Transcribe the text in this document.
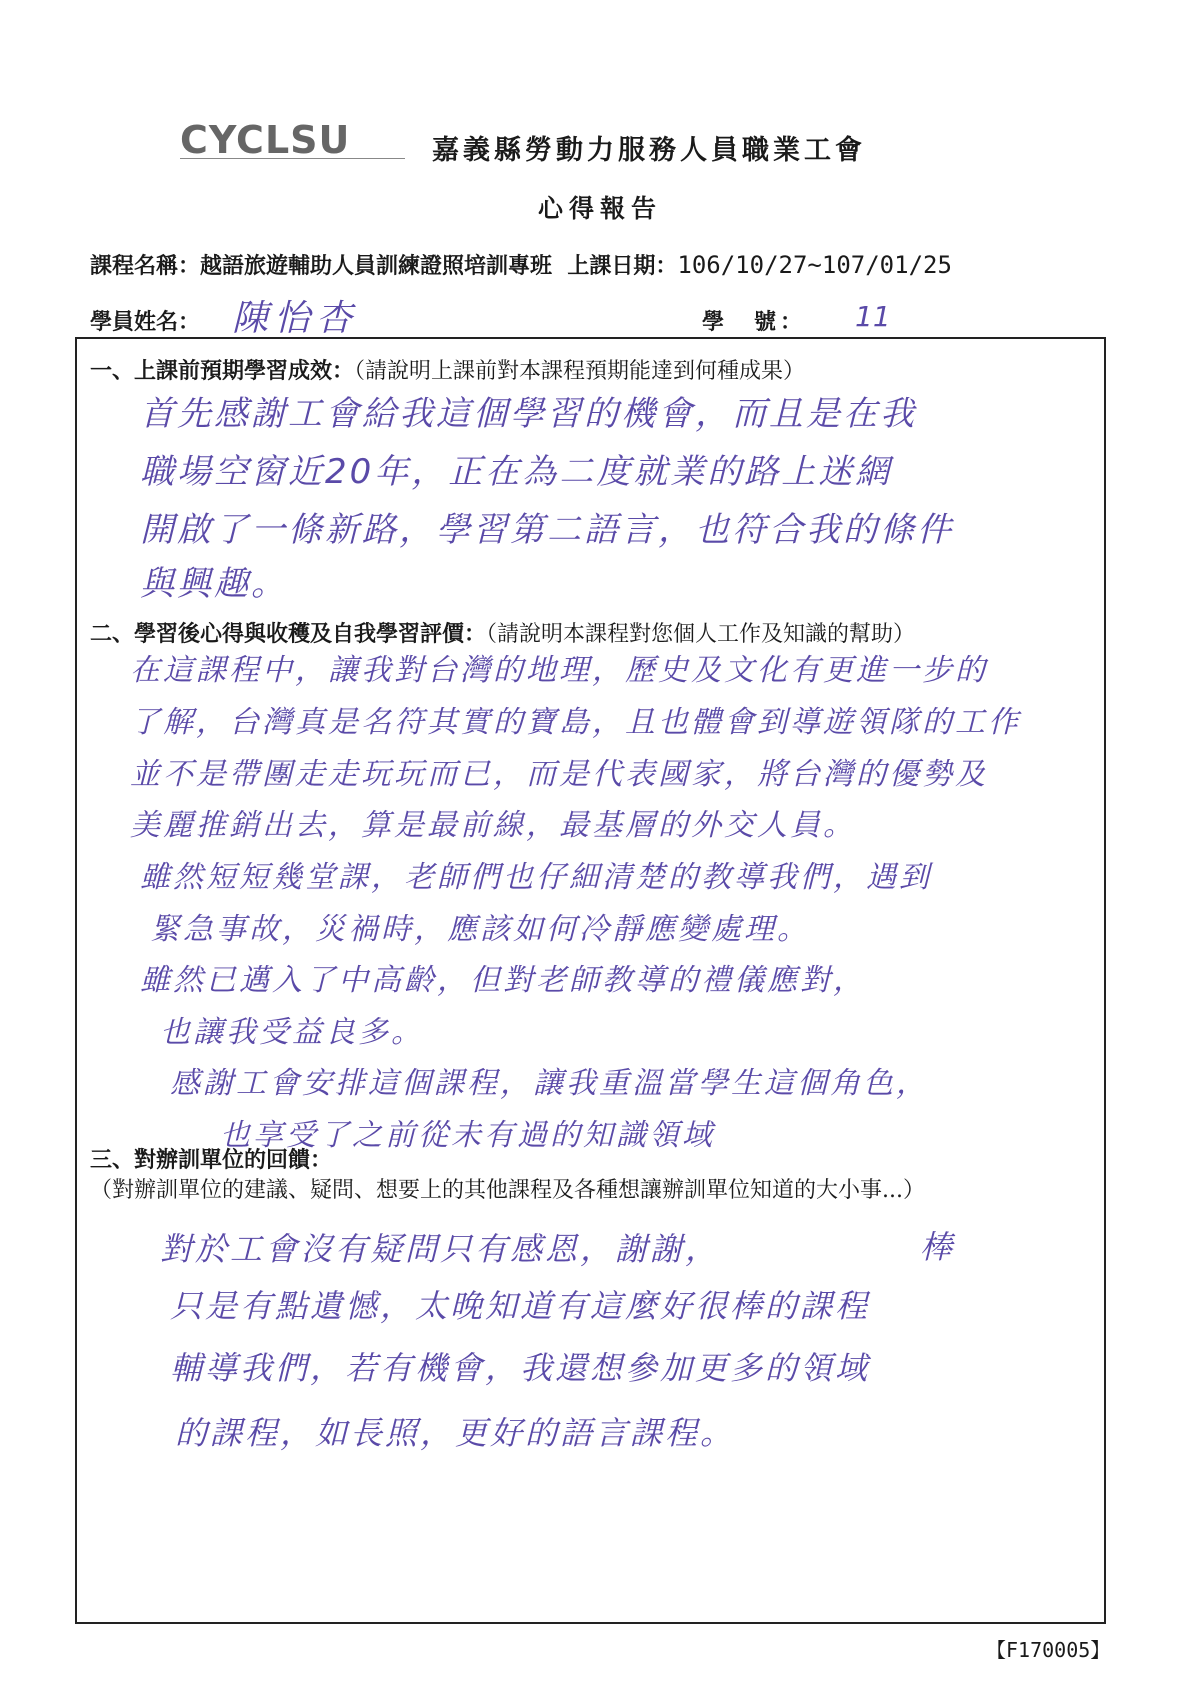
CYCLSU	嘉義縣勞動力服務人員職業工會
心得報告
課程名稱：越語旅遊輔助人員訓練證照培訓專班 上課日期：106/10/27~107/01/25
學員姓名： 陳怡杏	學　號： 11
一、上課前預期學習成效：（請說明上課前對本課程預期能達到何種成果）
首先感謝工會給我這個學習的機會，而且是在我
職場空窗近20年，正在為二度就業的路上迷網
開啟了一條新路，學習第二語言，也符合我的條件
與興趣。
二、學習後心得與收穫及自我學習評價：（請說明本課程對您個人工作及知識的幫助）
在這課程中，讓我對台灣的地理，歷史及文化有更進一步的
了解，台灣真是名符其實的寶島，且也體會到導遊領隊的工作
並不是帶團走走玩玩而已，而是代表國家，將台灣的優勢及
美麗推銷出去，算是最前線，最基層的外交人員。
雖然短短幾堂課，老師們也仔細清楚的教導我們，遇到
緊急事故，災禍時，應該如何冷靜應變處理。
雖然已邁入了中高齡，但對老師教導的禮儀應對，
也讓我受益良多。
感謝工會安排這個課程，讓我重溫當學生這個角色，
也享受了之前從未有過的知識領域
三、對辦訓單位的回饋：
（對辦訓單位的建議、疑問、想要上的其他課程及各種想讓辦訓單位知道的大小事...）
棒
對於工會沒有疑問只有感恩，謝謝，
只是有點遺憾，太晚知道有這麼好很棒的課程
輔導我們，若有機會，我還想參加更多的領域
的課程，如長照，更好的語言課程。
【F170005】
